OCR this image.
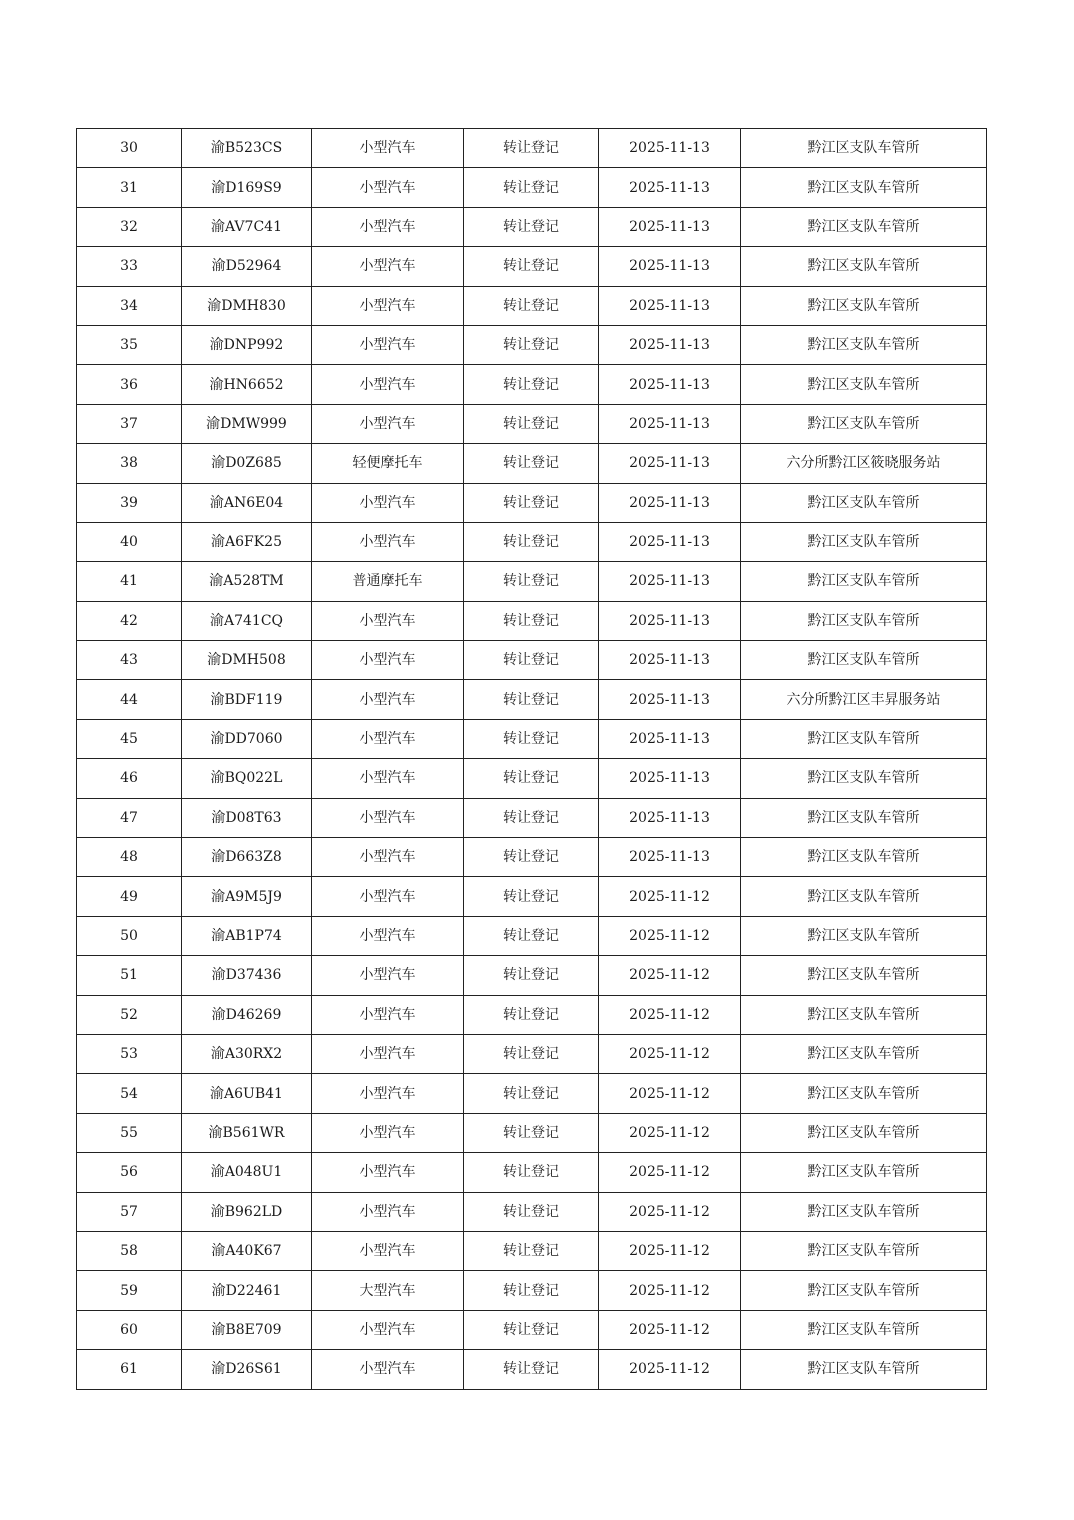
30	渝B523CS	小型汽车	转让登记	2025-11-13	黔江区支队车管所
31	渝D169S9	小型汽车	转让登记	2025-11-13	黔江区支队车管所
32	渝AV7C41	小型汽车	转让登记	2025-11-13	黔江区支队车管所
33	渝D52964	小型汽车	转让登记	2025-11-13	黔江区支队车管所
34	渝DMH830	小型汽车	转让登记	2025-11-13	黔江区支队车管所
35	渝DNP992	小型汽车	转让登记	2025-11-13	黔江区支队车管所
36	渝HN6652	小型汽车	转让登记	2025-11-13	黔江区支队车管所
37	渝DMW999	小型汽车	转让登记	2025-11-13	黔江区支队车管所
38	渝D0Z685	轻便摩托车	转让登记	2025-11-13	六分所黔江区筱晓服务站
39	渝AN6E04	小型汽车	转让登记	2025-11-13	黔江区支队车管所
40	渝A6FK25	小型汽车	转让登记	2025-11-13	黔江区支队车管所
41	渝A528TM	普通摩托车	转让登记	2025-11-13	黔江区支队车管所
42	渝A741CQ	小型汽车	转让登记	2025-11-13	黔江区支队车管所
43	渝DMH508	小型汽车	转让登记	2025-11-13	黔江区支队车管所
44	渝BDF119	小型汽车	转让登记	2025-11-13	六分所黔江区丰昇服务站
45	渝DD7060	小型汽车	转让登记	2025-11-13	黔江区支队车管所
46	渝BQ022L	小型汽车	转让登记	2025-11-13	黔江区支队车管所
47	渝D08T63	小型汽车	转让登记	2025-11-13	黔江区支队车管所
48	渝D663Z8	小型汽车	转让登记	2025-11-13	黔江区支队车管所
49	渝A9M5J9	小型汽车	转让登记	2025-11-12	黔江区支队车管所
50	渝AB1P74	小型汽车	转让登记	2025-11-12	黔江区支队车管所
51	渝D37436	小型汽车	转让登记	2025-11-12	黔江区支队车管所
52	渝D46269	小型汽车	转让登记	2025-11-12	黔江区支队车管所
53	渝A30RX2	小型汽车	转让登记	2025-11-12	黔江区支队车管所
54	渝A6UB41	小型汽车	转让登记	2025-11-12	黔江区支队车管所
55	渝B561WR	小型汽车	转让登记	2025-11-12	黔江区支队车管所
56	渝A048U1	小型汽车	转让登记	2025-11-12	黔江区支队车管所
57	渝B962LD	小型汽车	转让登记	2025-11-12	黔江区支队车管所
58	渝A40K67	小型汽车	转让登记	2025-11-12	黔江区支队车管所
59	渝D22461	大型汽车	转让登记	2025-11-12	黔江区支队车管所
60	渝B8E709	小型汽车	转让登记	2025-11-12	黔江区支队车管所
61	渝D26S61	小型汽车	转让登记	2025-11-12	黔江区支队车管所
